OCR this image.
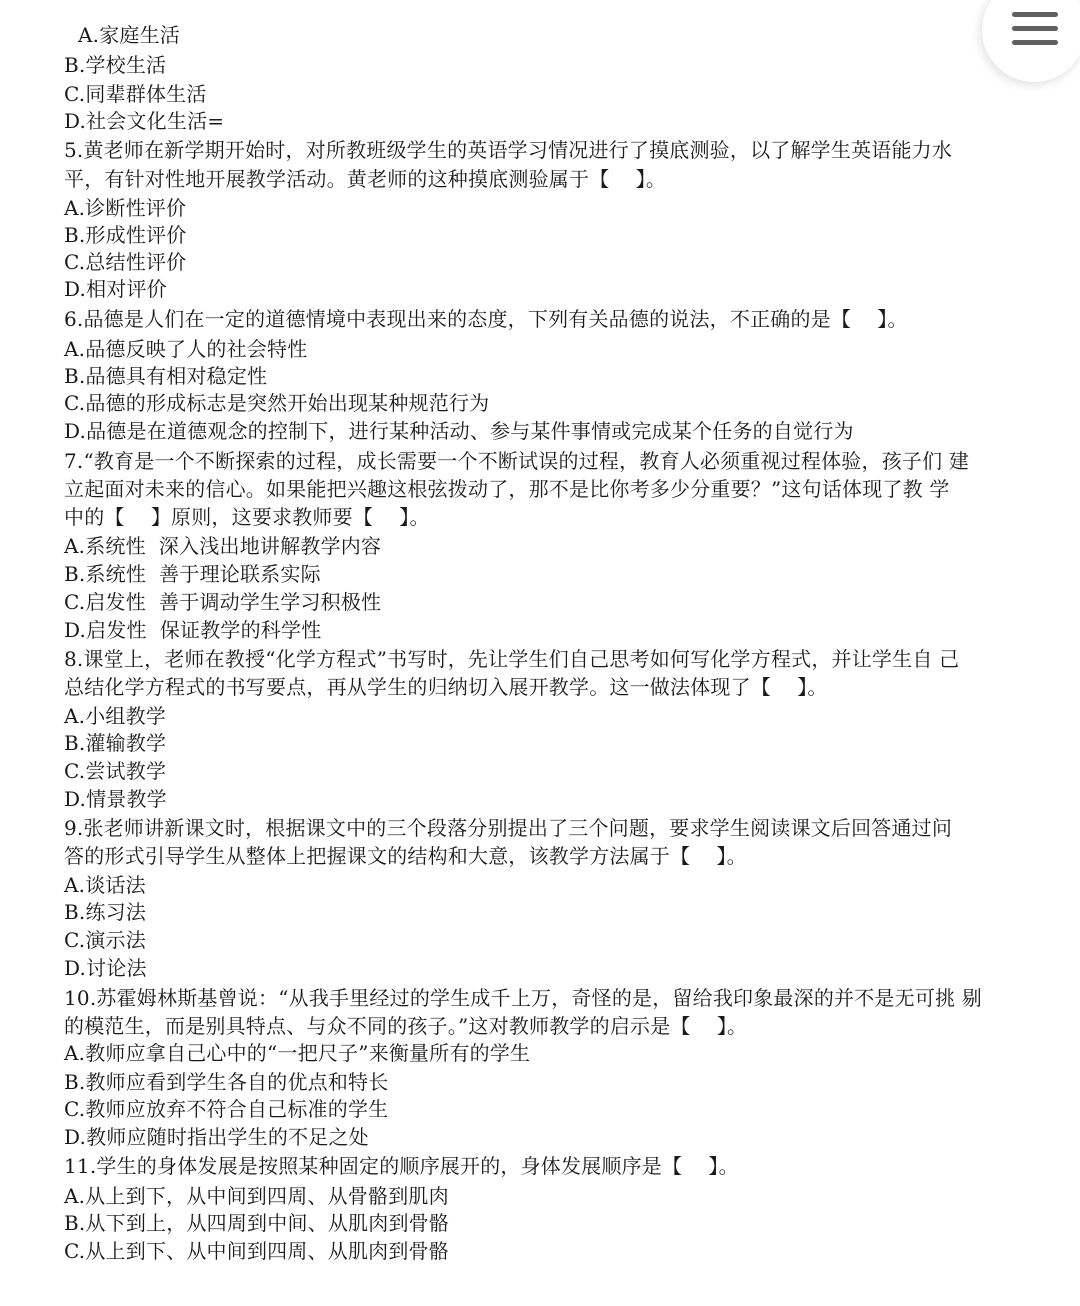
A.家庭生活
B.学校生活
C.同辈群体生活
D.社会文化生活=
5.黄老师在新学期开始时，对所教班级学生的英语学习情况进行了摸底测验，以了解学生英语能力水
平，有针对性地开展教学活动。黄老师的这种摸底测验属于【    】。
A.诊断性评价
B.形成性评价
C.总结性评价
D.相对评价
6.品德是人们在一定的道德情境中表现出来的态度，下列有关品德的说法，不正确的是【    】。
A.品德反映了人的社会特性
B.品德具有相对稳定性
C.品德的形成标志是突然开始出现某种规范行为
D.品德是在道德观念的控制下，进行某种活动、参与某件事情或完成某个任务的自觉行为
7.“教育是一个不断探索的过程，成长需要一个不断试误的过程，教育人必须重视过程体验，孩子们 建
立起面对未来的信心。如果能把兴趣这根弦拨动了，那不是比你考多少分重要？”这句话体现了教 学
中的【    】原则，这要求教师要【    】。
A.系统性  深入浅出地讲解教学内容
B.系统性  善于理论联系实际
C.启发性  善于调动学生学习积极性
D.启发性  保证教学的科学性
8.课堂上，老师在教授“化学方程式”书写时，先让学生们自己思考如何写化学方程式，并让学生自 己
总结化学方程式的书写要点，再从学生的归纳切入展开教学。这一做法体现了【    】。
A.小组教学
B.灌输教学
C.尝试教学
D.情景教学
9.张老师讲新课文时，根据课文中的三个段落分别提出了三个问题，要求学生阅读课文后回答通过问
答的形式引导学生从整体上把握课文的结构和大意，该教学方法属于【    】。
A.谈话法
B.练习法
C.演示法
D.讨论法
10.苏霍姆林斯基曾说：“从我手里经过的学生成千上万，奇怪的是，留给我印象最深的并不是无可挑 剔
的模范生，而是别具特点、与众不同的孩子。”这对教师教学的启示是【    】。
A.教师应拿自己心中的“一把尺子”来衡量所有的学生
B.教师应看到学生各自的优点和特长
C.教师应放弃不符合自己标准的学生
D.教师应随时指出学生的不足之处
11.学生的身体发展是按照某种固定的顺序展开的，身体发展顺序是【    】。
A.从上到下，从中间到四周、从骨骼到肌肉
B.从下到上，从四周到中间、从肌肉到骨骼
C.从上到下、从中间到四周、从肌肉到骨骼
